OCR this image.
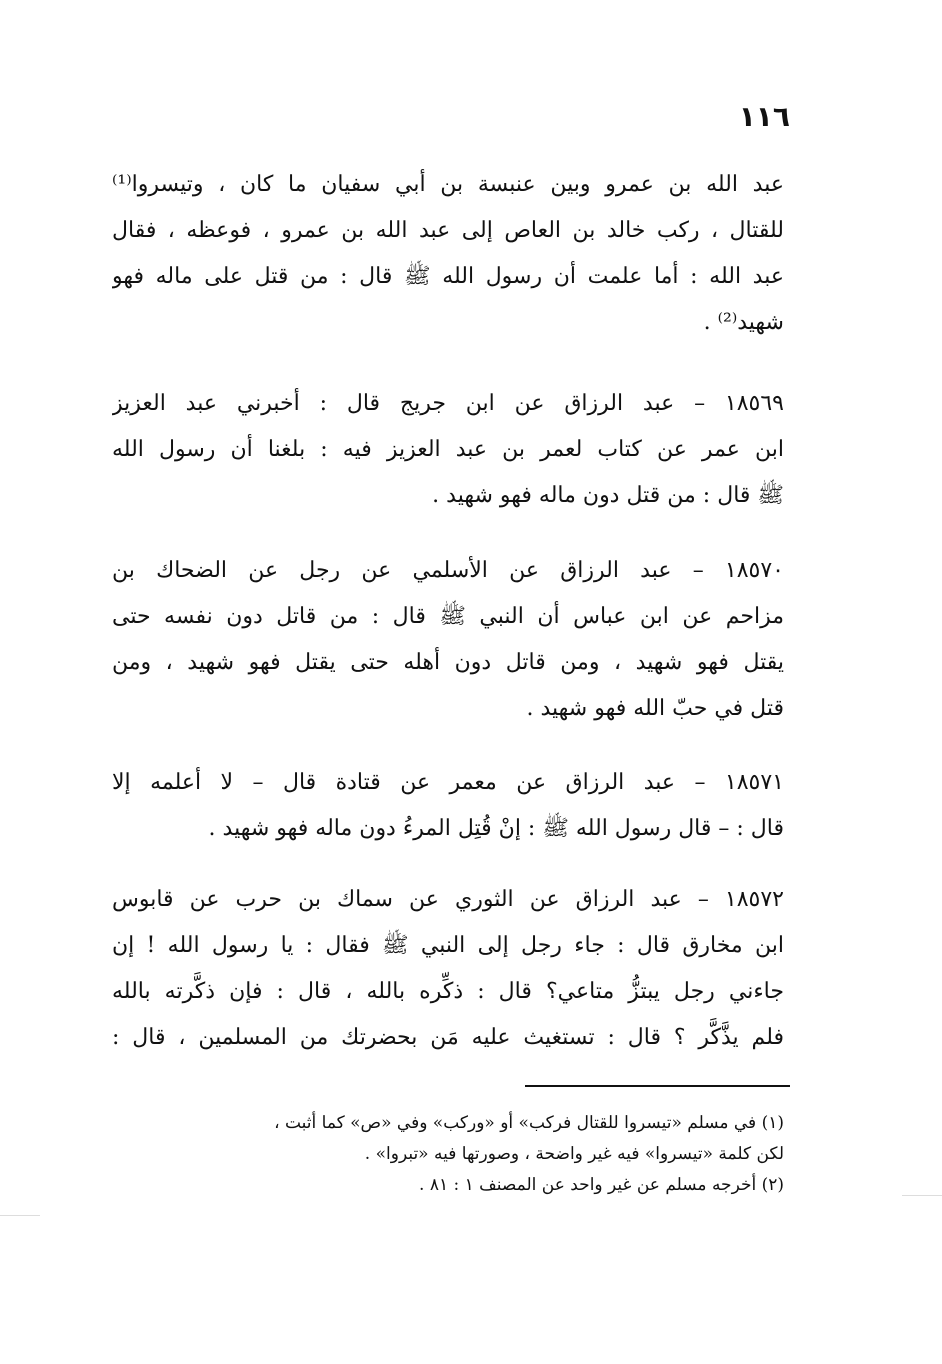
١١٦
عبد الله بن عمرو وبين عنبسة بن أبي سفيان ما كان ، وتيسروا⁽¹⁾
للقتال ، ركب خالد بن العاص إلى عبد الله بن عمرو ، فوعظه ، فقال
عبد الله : أما علمت أن رسول الله ﷺ قال : من قتل على ماله فهو
شهيد⁽²⁾ .
١٨٥٦٩ – عبد الرزاق عن ابن جريج قال : أخبرني عبد العزيز
ابن عمر عن كتاب لعمر بن عبد العزيز فيه : بلغنا أن رسول الله
ﷺ قال : من قتل دون ماله فهو شهيد .
١٨٥٧٠ – عبد الرزاق عن الأسلمي عن رجل عن الضحاك بن
مزاحم عن ابن عباس أن النبي ﷺ قال : من قاتل دون نفسه حتى
يقتل فهو شهيد ، ومن قاتل دون أهله حتى يقتل فهو شهيد ، ومن
قتل في حبّ الله فهو شهيد .
١٨٥٧١ – عبد الرزاق عن معمر عن قتادة قال – لا أعلمه إلا
قال : – قال رسول الله ﷺ : إنْ قُتِل المرءُ دون ماله فهو شهيد .
١٨٥٧٢ – عبد الرزاق عن الثوري عن سماك بن حرب عن قابوس
ابن مخارق قال : جاء رجل إلى النبي ﷺ فقال : يا رسول الله ! إن
جاءني رجل يبتزُّ متاعي؟ قال : ذكِّره بالله ، قال : فإن ذكَّرته بالله
فلم يذَّكَّر ؟ قال : تستغيث عليه مَن بحضرتك من المسلمين ، قال :
(١) في مسلم «تيسروا للقتال فركب» أو «وركب» وفي «ص» كما أثبت ،
لكن كلمة «تيسروا» فيه غير واضحة ، وصورتها فيه «تبروا» .
(٢) أخرجه مسلم عن غير واحد عن المصنف ١ : ٨١ .
